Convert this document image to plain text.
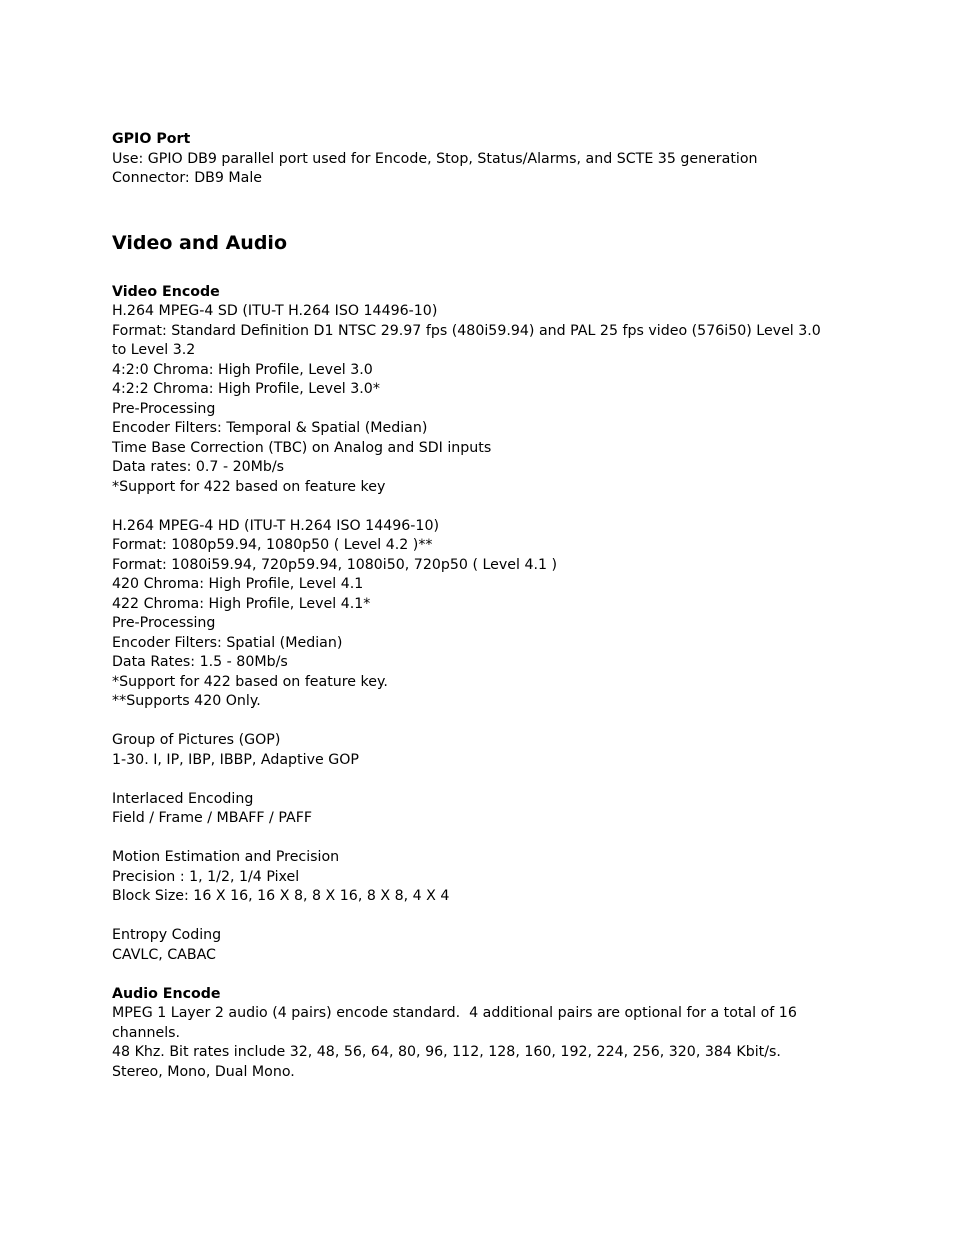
GPIO Port

Use: GPIO DB9 parallel port used for Encode, Stop, Status/Alarms, and SCTE 35 generation

Connector: DB9 Male

Video and Audio

Video Encode

H.264 MPEG-4 SD (ITU-T H.264 ISO 14496-10)

Format: Standard Definition D1 NTSC 29.97 fps (480i59.94) and PAL 25 fps video (576i50) Level 3.0

to Level 3.2

4:2:0 Chroma: High Profile, Level 3.0

4:2:2 Chroma: High Profile, Level 3.0*

Pre-Processing

Encoder Filters: Temporal & Spatial (Median)

Time Base Correction (TBC) on Analog and SDI inputs

Data rates: 0.7 - 20Mb/s

*Support for 422 based on feature key

H.264 MPEG-4 HD (ITU-T H.264 ISO 14496-10)

Format: 1080p59.94, 1080p50 ( Level 4.2 )**

Format: 1080i59.94, 720p59.94, 1080i50, 720p50 ( Level 4.1 )

420 Chroma: High Profile, Level 4.1

422 Chroma: High Profile, Level 4.1*

Pre-Processing

Encoder Filters: Spatial (Median)

Data Rates: 1.5 - 80Mb/s

*Support for 422 based on feature key.

**Supports 420 Only.

Group of Pictures (GOP)

1-30. I, IP, IBP, IBBP, Adaptive GOP

Interlaced Encoding

Field / Frame / MBAFF / PAFF

Motion Estimation and Precision

Precision : 1, 1/2, 1/4 Pixel

Block Size: 16 X 16, 16 X 8, 8 X 16, 8 X 8, 4 X 4

Entropy Coding

CAVLC, CABAC

Audio Encode

MPEG 1 Layer 2 audio (4 pairs) encode standard.  4 additional pairs are optional for a total of 16

channels.

48 Khz. Bit rates include 32, 48, 56, 64, 80, 96, 112, 128, 160, 192, 224, 256, 320, 384 Kbit/s.

Stereo, Mono, Dual Mono.
